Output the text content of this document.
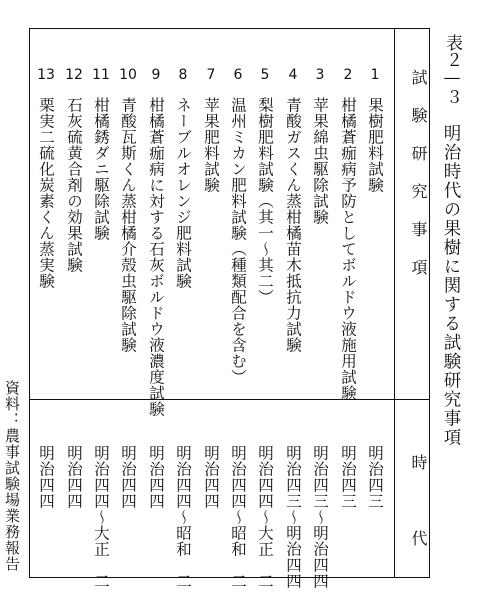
表２—３
明治時代の果樹に関する試験研究事項
試験研究事項
時代
1
果樹肥料試験
明治四三
2
柑橘蒼痂病予防としてボルドウ液施用試験
明治四三
3
苹果綿虫駆除試験
明治四三〜明治四四
4
青酸ガスくん蒸柑橘苗木抵抗力試験
明治四三〜明治四四
5
梨樹肥料試験（其一〜其二）
明治四四〜大正　二
6
温州ミカン肥料試験（種類配合を含む）
明治四四〜昭和　二
7
苹果肥料試験
明治四四
8
ネーブルオレンジ肥料試験
明治四四〜昭和　二
9
柑橘蒼痂病に対する石灰ボルドウ液濃度試験
明治四四
10
青酸瓦斯くん蒸柑橘介殻虫駆除試験
明治四四
11
柑橘銹ダニ駆除試験
明治四四〜大正　二
12
石灰硫黄合剤の効果試験
明治四四
13
栗実二硫化炭素くん蒸実験
明治四四
資料：農事試験場業務報告
